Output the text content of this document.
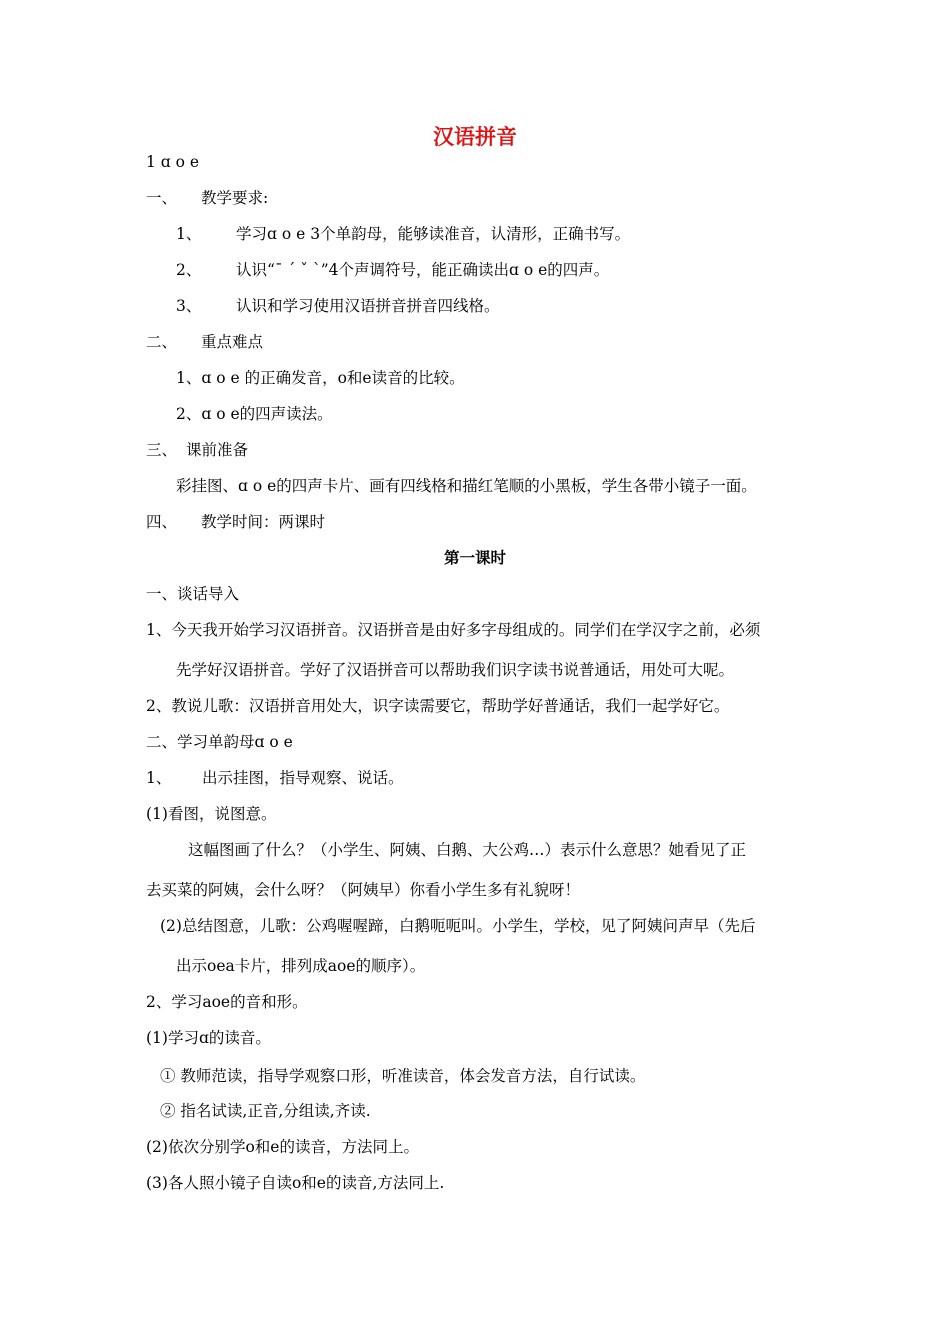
汉语拼音
1 ɑ o e
一、 教学要求:
1、 学习ɑ o e 3个单韵母，能够读准音，认清形，正确书写。
2、 认识“ˉ ˊ ˇ ˋ”4个声调符号，能正确读出ɑ o e的四声。
3、 认识和学习使用汉语拼音拼音四线格。
二、 重点难点
1、ɑ o e 的正确发音，o和e读音的比较。
2、ɑ o e的四声读法。
三、 课前准备
彩挂图、ɑ o e的四声卡片、画有四线格和描红笔顺的小黑板，学生各带小镜子一面。
四、 教学时间：两课时
第一课时
一、谈话导入
1、今天我开始学习汉语拼音。汉语拼音是由好多字母组成的。同学们在学汉字之前，必须
先学好汉语拼音。学好了汉语拼音可以帮助我们识字读书说普通话，用处可大呢。
2、教说儿歌：汉语拼音用处大，识字读需要它，帮助学好普通话，我们一起学好它。
二、学习单韵母ɑ o e
1、 出示挂图，指导观察、说话。
(1)看图，说图意。
这幅图画了什么？（小学生、阿姨、白鹅、大公鸡…）表示什么意思？她看见了正
去买菜的阿姨，会什么呀？（阿姨早）你看小学生多有礼貌呀！
(2)总结图意，儿歌：公鸡喔喔蹄，白鹅呃呃叫。小学生，学校，见了阿姨问声早（先后
出示oea卡片，排列成aoe的顺序）。
2、学习aoe的音和形。
(1)学习ɑ的读音。
① 教师范读，指导学观察口形，听准读音，体会发音方法，自行试读。
② 指名试读,正音,分组读,齐读.
(2)依次分别学o和e的读音，方法同上。
(3)各人照小镜子自读o和e的读音,方法同上.
